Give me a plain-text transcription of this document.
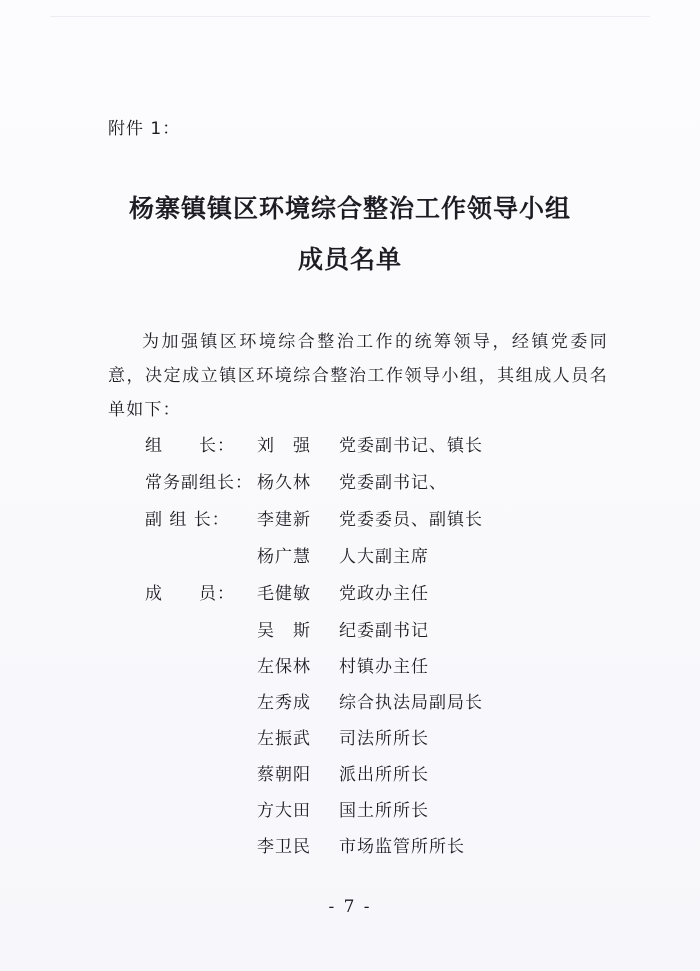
附件 1：
杨寨镇镇区环境综合整治工作领导小组
成员名单
为加强镇区环境综合整治工作的统筹领导，经镇党委同意，决定成立镇区环境综合整治工作领导小组，其组成人员名单如下：
组　　长：	刘　强	党委副书记、镇长
常务副组长： 杨久林	党委副书记、
副 组 长：	李建新	党委委员、副镇长
杨广慧	人大副主席
成　　员：	毛健敏	党政办主任
吴　斯	纪委副书记
左保林	村镇办主任
左秀成	综合执法局副局长
左振武	司法所所长
蔡朝阳	派出所所长
方大田	国土所所长
李卫民	市场监管所所长
- 7 -
